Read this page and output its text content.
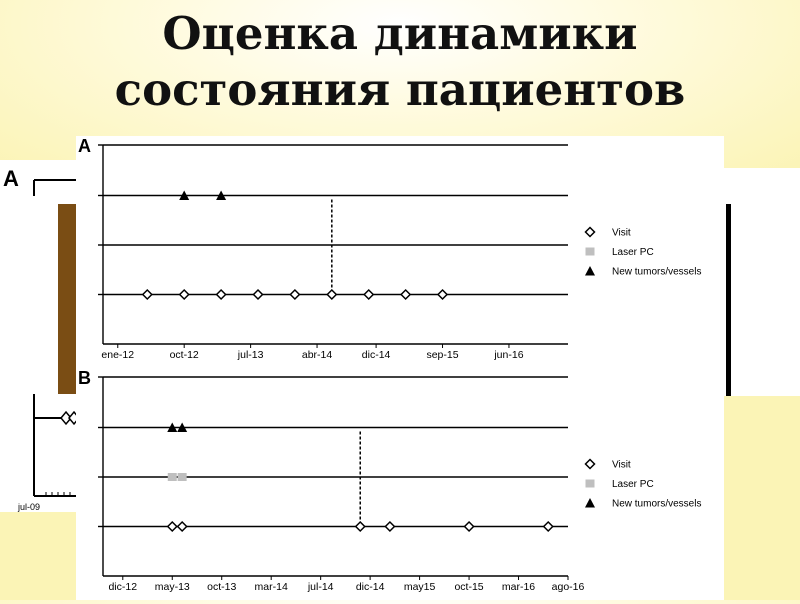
Оценка динамики
состояния пациентов
A
jul-09
A
ene-12	oct-12	jul-13	abr-14	dic-14	sep-15	jun-16
Visit
Laser PC
New tumors/vessels
B
dic-12 may-13 oct-13 mar-14 jul-14 dic-14 may15 oct-15 mar-16 ago-16
Visit
Laser PC
New tumors/vessels
